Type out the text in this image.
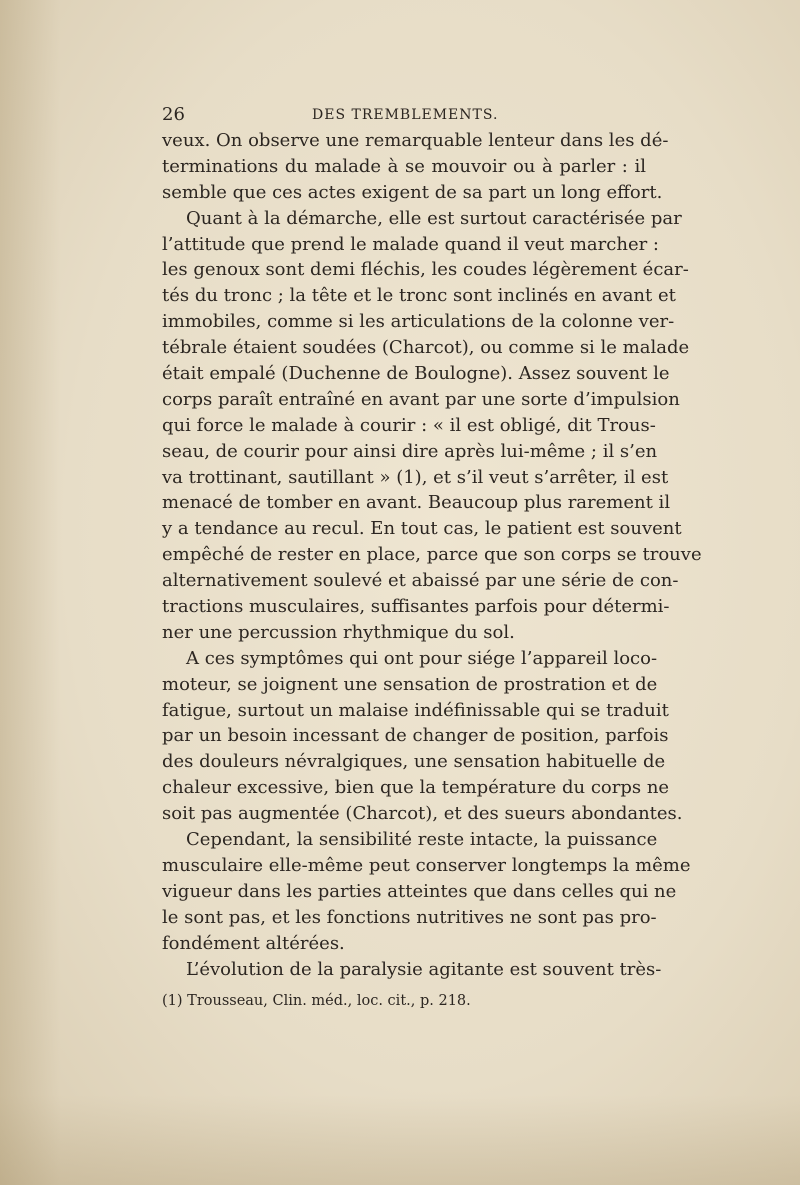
26	DES TREMBLEMENTS.
veux. On observe une remarquable lenteur dans les dé-
terminations du malade à se mouvoir ou à parler : il
semble que ces actes exigent de sa part un long effort.
Quant à la démarche, elle est surtout caractérisée par
l’attitude que prend le malade quand il veut marcher :
les genoux sont demi fléchis, les coudes légèrement écar-
tés du tronc ; la tête et le tronc sont inclinés en avant et
immobiles, comme si les articulations de la colonne ver-
tébrale étaient soudées (Charcot), ou comme si le malade
était empalé (Duchenne de Boulogne). Assez souvent le
corps paraît entraîné en avant par une sorte d’impulsion
qui force le malade à courir : « il est obligé, dit Trous-
seau, de courir pour ainsi dire après lui-même ; il s’en
va trottinant, sautillant » (1), et s’il veut s’arrêter, il est
menacé de tomber en avant. Beaucoup plus rarement il
y a tendance au recul. En tout cas, le patient est souvent
empêché de rester en place, parce que son corps se trouve
alternativement soulevé et abaissé par une série de con-
tractions musculaires, suffisantes parfois pour détermi-
ner une percussion rhythmique du sol.
A ces symptômes qui ont pour siége l’appareil loco-
moteur, se joignent une sensation de prostration et de
fatigue, surtout un malaise indéfinissable qui se traduit
par un besoin incessant de changer de position, parfois
des douleurs névralgiques, une sensation habituelle de
chaleur excessive, bien que la température du corps ne
soit pas augmentée (Charcot), et des sueurs abondantes.
Cependant, la sensibilité reste intacte, la puissance
musculaire elle-même peut conserver longtemps la même
vigueur dans les parties atteintes que dans celles qui ne
le sont pas, et les fonctions nutritives ne sont pas pro-
fondément altérées.
L’évolution de la paralysie agitante est souvent très-
(1) Trousseau, Clin. méd., loc. cit., p. 218.
